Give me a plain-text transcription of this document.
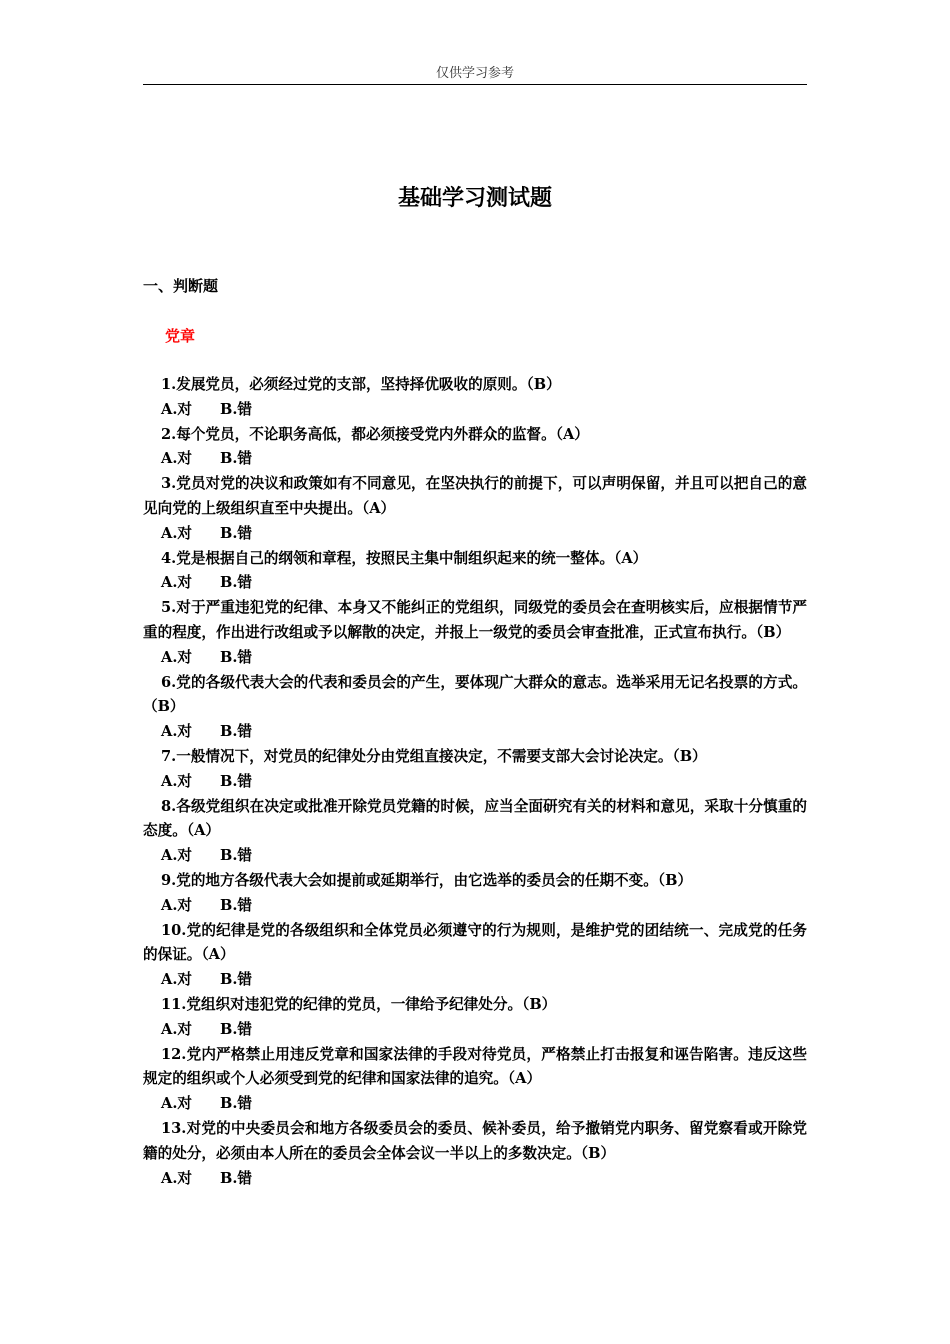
仅供学习参考
基础学习测试题
一、判断题
党章

1.发展党员，必须经过党的支部，坚持择优吸收的原则。（B）

A.对 B.错

2.每个党员，不论职务高低，都必须接受党内外群众的监督。（A）

A.对 B.错

3.党员对党的决议和政策如有不同意见，在坚决执行的前提下，可以声明保留，并且可以把自己的意见向党的上级组织直至中央提出。（A）

A.对 B.错

4.党是根据自己的纲领和章程，按照民主集中制组织起来的统一整体。（A）

A.对 B.错

5.对于严重违犯党的纪律、本身又不能纠正的党组织，同级党的委员会在查明核实后，应根据情节严重的程度，作出进行改组或予以解散的决定，并报上一级党的委员会审查批准，正式宣布执行。（B）

A.对 B.错

6.党的各级代表大会的代表和委员会的产生，要体现广大群众的意志。选举采用无记名投票的方式。（B）

A.对 B.错

7.一般情况下，对党员的纪律处分由党组直接决定，不需要支部大会讨论决定。（B）

A.对 B.错

8.各级党组织在决定或批准开除党员党籍的时候，应当全面研究有关的材料和意见，采取十分慎重的态度。（A）

A.对 B.错

9.党的地方各级代表大会如提前或延期举行，由它选举的委员会的任期不变。（B）

A.对 B.错

10.党的纪律是党的各级组织和全体党员必须遵守的行为规则，是维护党的团结统一、完成党的任务的保证。（A）

A.对 B.错

11.党组织对违犯党的纪律的党员，一律给予纪律处分。（B）

A.对 B.错

12.党内严格禁止用违反党章和国家法律的手段对待党员，严格禁止打击报复和诬告陷害。违反这些规定的组织或个人必须受到党的纪律和国家法律的追究。（A）

A.对 B.错

13.对党的中央委员会和地方各级委员会的委员、候补委员，给予撤销党内职务、留党察看或开除党籍的处分，必须由本人所在的委员会全体会议一半以上的多数决定。（B）

A.对 B.错
